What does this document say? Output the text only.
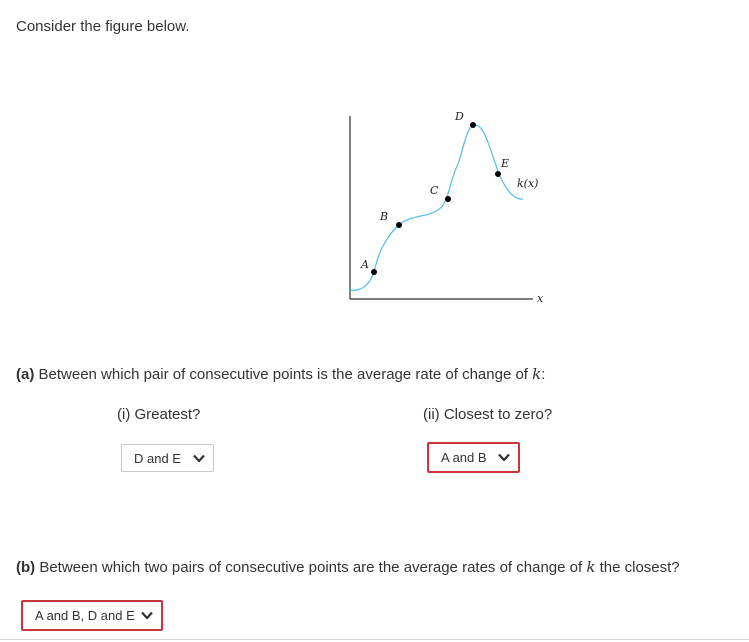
Consider the figure below.
A
B
C
D
E
k(x)
x
(a) Between which pair of consecutive points is the average rate of change of k:
(i) Greatest?	(ii) Closest to zero?
D and E	A and B
(b) Between which two pairs of consecutive points are the average rates of change of k the closest?
A and B, D and E
